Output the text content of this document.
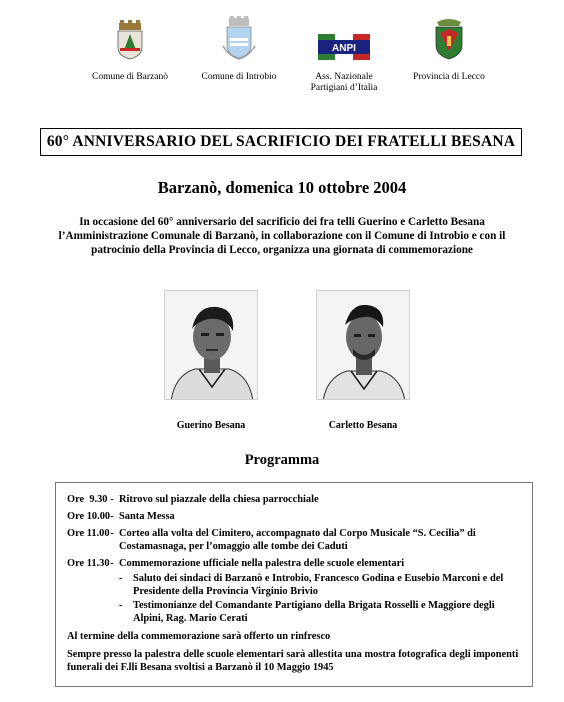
Comune di Barzanò	Comune di Introbio
ANPI
Ass. Nazionale Partigiani d’Italia
Provincia di Lecco
60° ANNIVERSARIO DEL SACRIFICIO DEI FRATELLI BESANA
Barzanò, domenica 10 ottobre 2004
In occasione del 60° anniversario del sacrificio dei fra telli Guerino e Carletto Besana l’Amministrazione Comunale di Barzanò, in collaborazione con il Comune di Introbio e con il patrocinio della Provincia di Lecco, organizza una giornata di commemorazione
Guerino Besana	Carletto Besana
Programma
Ore  9.30 - Ritrovo sul piazzale della chiesa parrocchiale
Ore 10.00 - Santa Messa
Ore 11.00 - Corteo alla volta del Cimitero, accompagnato dal Corpo Musicale “S. Cecilia” di Costamasnaga, per l’omaggio alle tombe dei Caduti
Ore 11.30 - Commemorazione ufficiale nella palestra delle scuole elementari
-	Saluto dei sindaci di Barzanò e Introbio, Francesco Godina e Eusebio Marconi e del Presidente della Provincia Virginio Brivio
-	Testimonianze del Comandante Partigiano della Brigata Rosselli e Maggiore degli Alpini, Rag. Mario Cerati
Al termine della commemorazione sarà offerto un rinfresco
Sempre presso la palestra delle scuole elementari sarà allestita una mostra fotografica degli imponenti funerali dei F.lli Besana svoltisi a Barzanò il 10 Maggio 1945
